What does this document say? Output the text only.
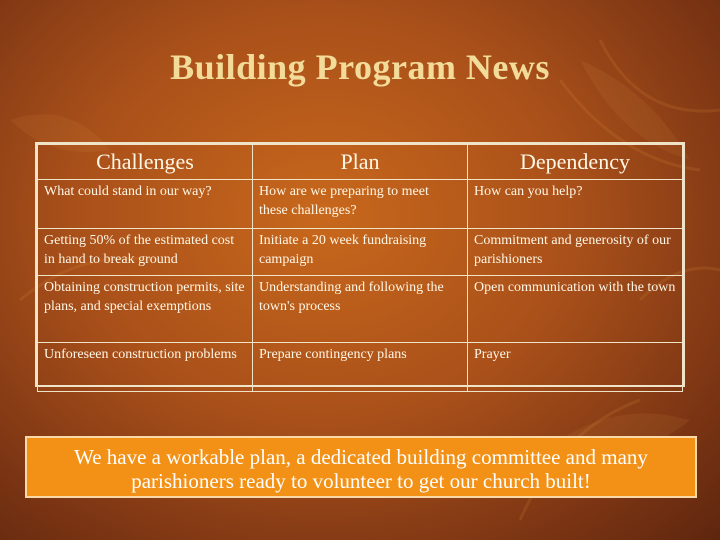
Building Program News
Challenges	Plan	Dependency
What could stand in our way?	How are we preparing to meet these challenges?	How can you help?
Getting 50% of the estimated cost in hand to break ground	Initiate a 20 week fundraising campaign	Commitment and generosity of our parishioners
Obtaining construction permits, site plans, and special exemptions	Understanding and following the town's process	Open communication with the town
Unforeseen construction problems	Prepare contingency plans	Prayer
We have a workable plan, a dedicated building committee and many parishioners ready to volunteer to get our church built!
